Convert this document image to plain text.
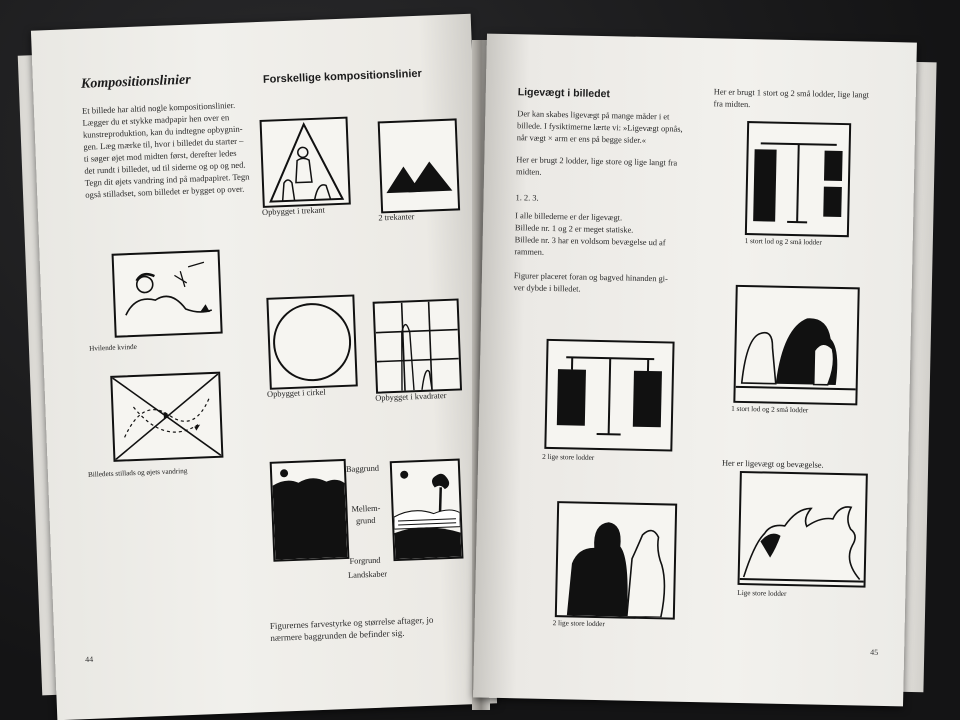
Kompositionslinier	Forskellige kompositionslinier
Et billede har altid nogle kompositionslinier.
Lægger du et stykke madpapir hen over en
kunstreproduktion, kan du indtegne opbygnin-
gen. Læg mærke til, hvor i billedet du starter –
ti søger øjet mod midten først, derefter ledes
det rundt i billedet, ud til siderne og op og ned.
Tegn dit øjets vandring ind på madpapiret. Tegn
også stilladset, som billedet er bygget op over.
Opbygget i trekant
2 trekanter
Hvilende kvinde
Opbygget i cirkel	Opbygget i kvadrater
Billedets stillads og øjets vandring	Baggrund
Mellem-
grund
Forgrund
Landskaber
Figurernes farvestyrke og størrelse aftager, jo
nærmere baggrunden de befinder sig.
44
Ligevægt i billedet
Der kan skabes ligevægt på mange måder i et
billede. I fysiktimerne lærte vi: »Ligevægt opnås,
når vægt × arm er ens på begge sider.«
Her er brugt 2 lodder, lige store og lige langt fra
midten.
1. 2. 3.
I alle billederne er der ligevægt.
Billede nr. 1 og 2 er meget statiske.
Billede nr. 3 har en voldsom bevægelse ud af
rammen.
Figurer placeret foran og bagved hinanden gi-
ver dybde i billedet.
Her er brugt 1 stort og 2 små lodder, lige langt
fra midten.
1 stort lod og 2 små lodder
2 lige store lodder
1 stort lod og 2 små lodder
Her er ligevægt og bevægelse.
2 lige store lodder
Lige store lodder
45
